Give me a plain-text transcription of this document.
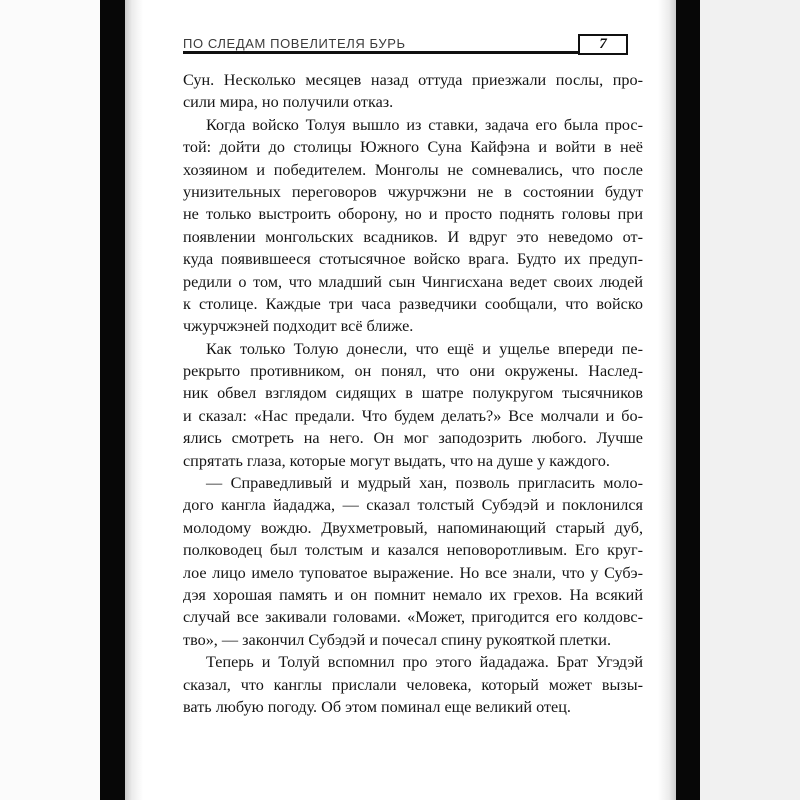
ПО СЛЕДАМ ПОВЕЛИТЕЛЯ БУРЬ	7
Сун. Несколько месяцев назад оттуда приезжали послы, про-
сили мира, но получили отказ.
Когда войско Толуя вышло из ставки, задача его была прос-
той: дойти до столицы Южного Суна Кайфэна и войти в неё
хозяином и победителем. Монголы не сомневались, что после
унизительных переговоров чжурчжэни не в состоянии будут
не только выстроить оборону, но и просто поднять головы при
появлении монгольских всадников. И вдруг это неведомо от-
куда появившееся стотысячное войско врага. Будто их предуп-
редили о том, что младший сын Чингисхана ведет своих людей
к столице. Каждые три часа разведчики сообщали, что войско
чжурчжэней подходит всё ближе.
Как только Толую донесли, что ещё и ущелье впереди пе-
рекрыто противником, он понял, что они окружены. Наслед-
ник обвел взглядом сидящих в шатре полукругом тысячников
и сказал: «Нас предали. Что будем делать?» Все молчали и бо-
ялись смотреть на него. Он мог заподозрить любого. Лучше
спрятать глаза, которые могут выдать, что на душе у каждого.
— Справедливый и мудрый хан, позволь пригласить моло-
дого кангла йададжа, — сказал толстый Субэдэй и поклонился
молодому вождю. Двухметровый, напоминающий старый дуб,
полководец был толстым и казался неповоротливым. Его круг-
лое лицо имело туповатое выражение. Но все знали, что у Субэ-
дэя хорошая память и он помнит немало их грехов. На всякий
случай все закивали головами. «Может, пригодится его колдовс-
тво», — закончил Субэдэй и почесал спину рукояткой плетки.
Теперь и Толуй вспомнил про этого йададажа. Брат Угэдэй
сказал, что канглы прислали человека, который может вызы-
вать любую погоду. Об этом поминал еще великий отец.
